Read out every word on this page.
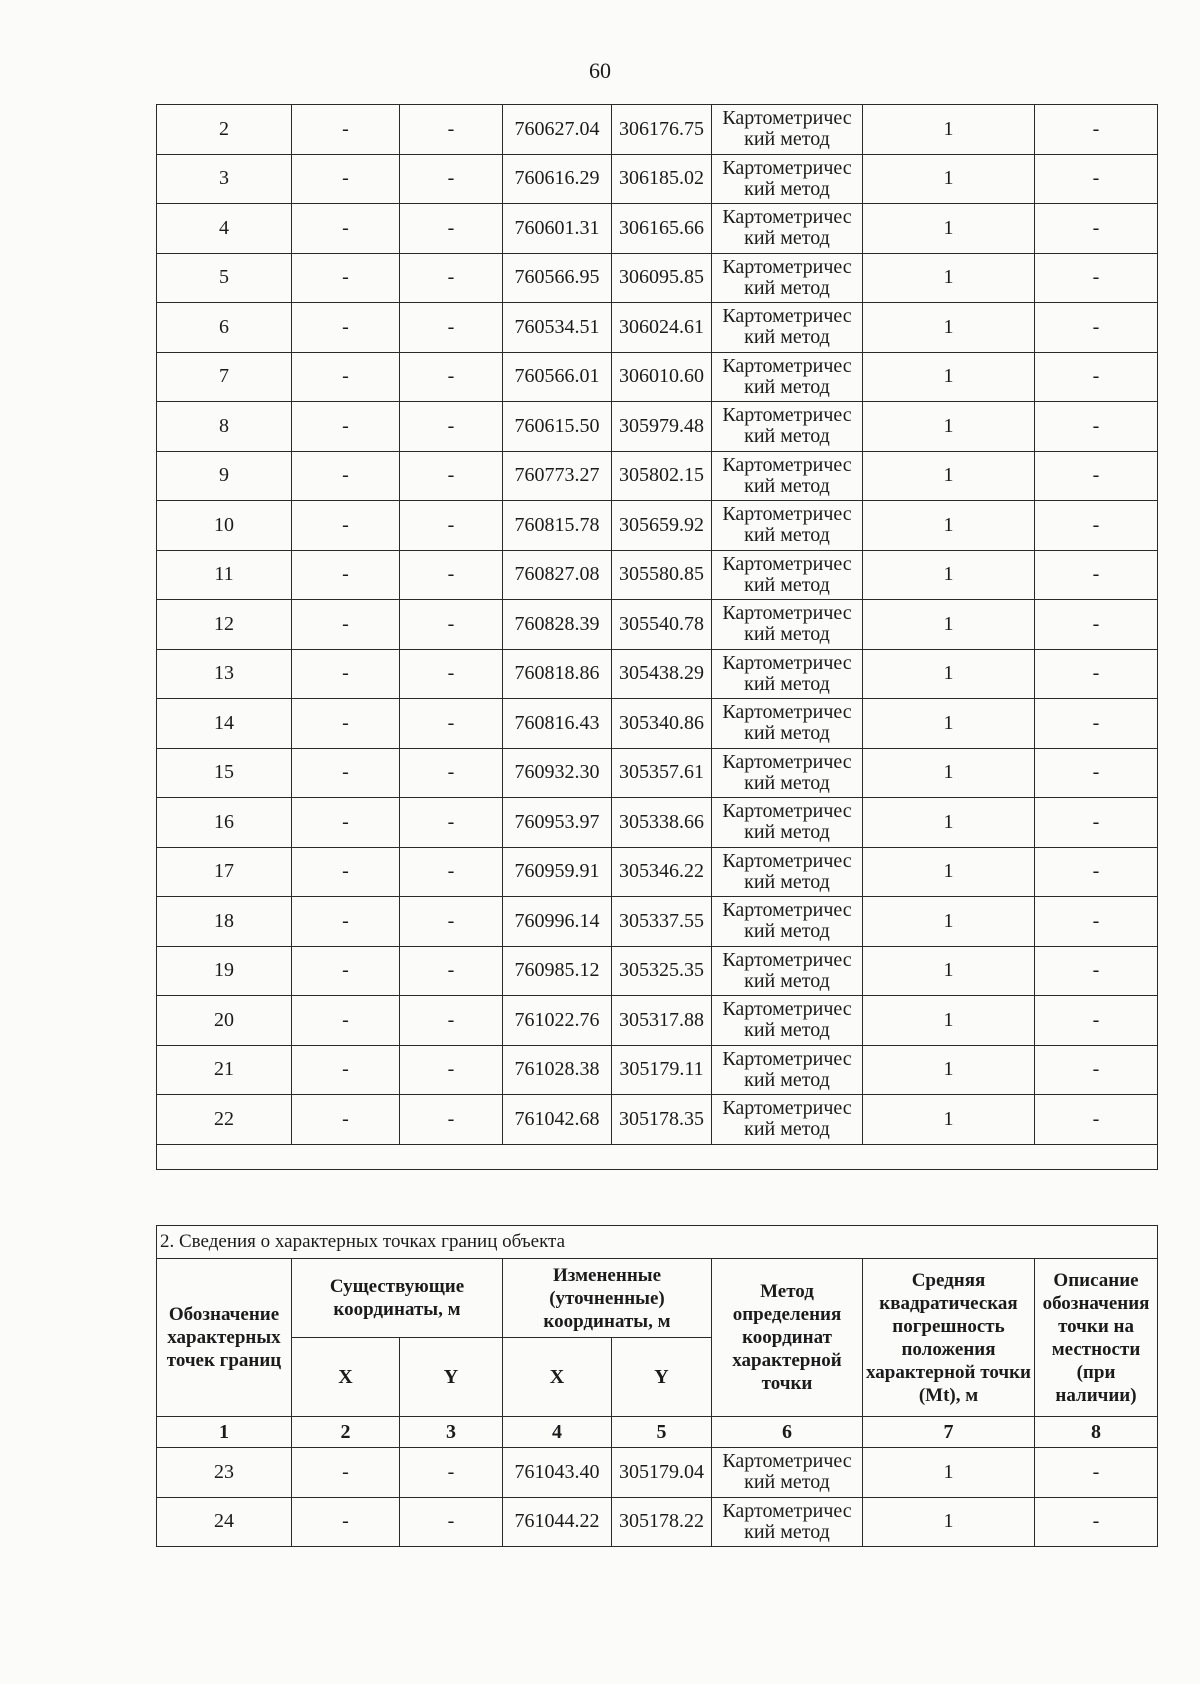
60
2	-	-	760627.04	306176.75	Картометричес кий метод	1	-
3	-	-	760616.29	306185.02	Картометричес кий метод	1	-
4	-	-	760601.31	306165.66	Картометричес кий метод	1	-
5	-	-	760566.95	306095.85	Картометричес кий метод	1	-
6	-	-	760534.51	306024.61	Картометричес кий метод	1	-
7	-	-	760566.01	306010.60	Картометричес кий метод	1	-
8	-	-	760615.50	305979.48	Картометричес кий метод	1	-
9	-	-	760773.27	305802.15	Картометричес кий метод	1	-
10	-	-	760815.78	305659.92	Картометричес кий метод	1	-
11	-	-	760827.08	305580.85	Картометричес кий метод	1	-
12	-	-	760828.39	305540.78	Картометричес кий метод	1	-
13	-	-	760818.86	305438.29	Картометричес кий метод	1	-
14	-	-	760816.43	305340.86	Картометричес кий метод	1	-
15	-	-	760932.30	305357.61	Картометричес кий метод	1	-
16	-	-	760953.97	305338.66	Картометричес кий метод	1	-
17	-	-	760959.91	305346.22	Картометричес кий метод	1	-
18	-	-	760996.14	305337.55	Картометричес кий метод	1	-
19	-	-	760985.12	305325.35	Картометричес кий метод	1	-
20	-	-	761022.76	305317.88	Картометричес кий метод	1	-
21	-	-	761028.38	305179.11	Картометричес кий метод	1	-
22	-	-	761042.68	305178.35	Картометричес кий метод	1	-

2. Сведения о характерных точках границ объекта							
Обозначение характерных точек границ	Существующие координаты, м		Измененные (уточненные) координаты, м		Метод определения координат характерной точки	Средняя квадратическая погрешность положения характерной точки (Mt), м	Описание обозначения точки на местности (при наличии)
	X	Y	X	Y			
1	2	3	4	5	6	7	8
23	-	-	761043.40	305179.04	Картометричес кий метод	1	-
24	-	-	761044.22	305178.22	Картометричес кий метод	1	-
